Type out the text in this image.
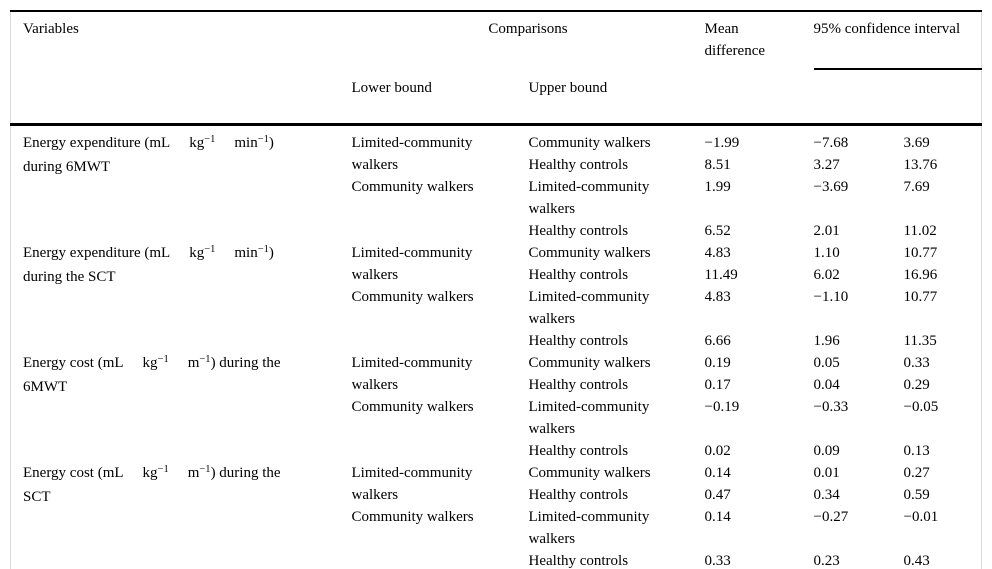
Variables	Comparisons		Mean difference	95% confidence interval	
	Lower bound	Upper bound			
Energy expenditure (mL $kg^{-1}$ $\min^{-1}$)
during 6MWT	Limited-community walkers	Community walkers	−1.99	−7.68	3.69
		Healthy controls	8.51	3.27	13.76
	Community walkers	Limited-community walkers	1.99	−3.69	7.69
		Healthy controls	6.52	2.01	11.02
Energy expenditure (mL $kg^{-1}$ $\min^{-1}$)
during the SCT	Limited-community walkers	Community walkers	4.83	1.10	10.77
		Healthy controls	11.49	6.02	16.96
	Community walkers	Limited-community walkers	4.83	−1.10	10.77
		Healthy controls	6.66	1.96	11.35
Energy cost (mL $kg^{-1}$ $m^{-1}$) during the
6MWT	Limited-community walkers	Community walkers	0.19	0.05	0.33
		Healthy controls	0.17	0.04	0.29
	Community walkers	Limited-community walkers	−0.19	−0.33	−0.05
		Healthy controls	0.02	0.09	0.13
Energy cost (mL $kg^{-1}$ $m^{-1}$) during the
SCT	Limited-community walkers	Community walkers	0.14	0.01	0.27
		Healthy controls	0.47	0.34	0.59
	Community walkers	Limited-community walkers	0.14	−0.27	−0.01
		Healthy controls	0.33	0.23	0.43
